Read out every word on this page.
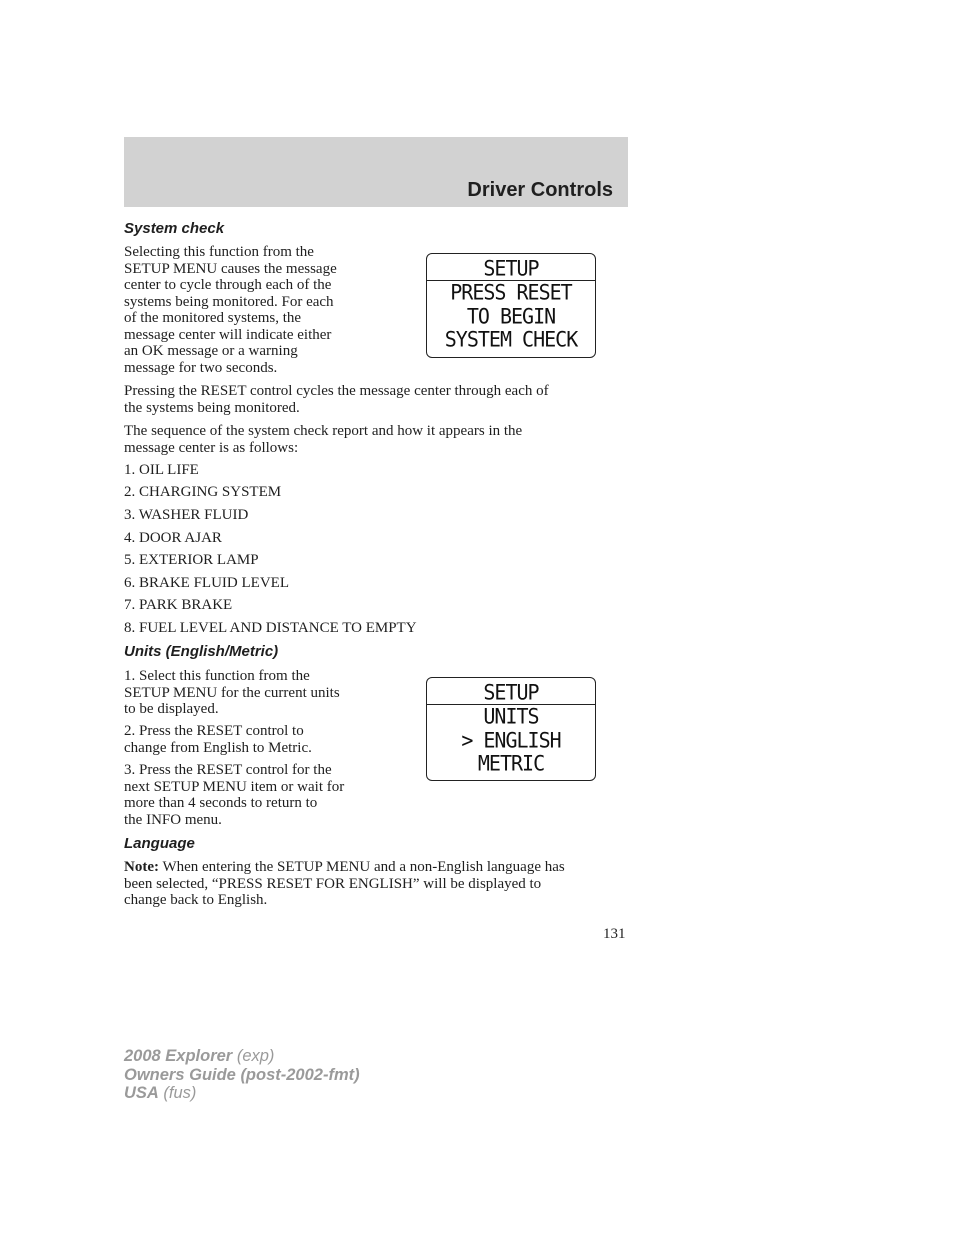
Driver Controls
System check
Selecting this function from the
SETUP MENU causes the message
center to cycle through each of the
systems being monitored. For each
of the monitored systems, the
message center will indicate either
an OK message or a warning
message for two seconds.
SETUP
PRESS RESET
TO BEGIN
SYSTEM CHECK
Pressing the RESET control cycles the message center through each of
the systems being monitored.
The sequence of the system check report and how it appears in the
message center is as follows:
1. OIL LIFE
2. CHARGING SYSTEM
3. WASHER FLUID
4. DOOR AJAR
5. EXTERIOR LAMP
6. BRAKE FLUID LEVEL
7. PARK BRAKE
8. FUEL LEVEL AND DISTANCE TO EMPTY
Units (English/Metric)
1. Select this function from the
SETUP MENU for the current units
to be displayed.
2. Press the RESET control to
change from English to Metric.
3. Press the RESET control for the
next SETUP MENU item or wait for
more than 4 seconds to return to
the INFO menu.
SETUP
UNITS
> ENGLISH
METRIC
Language
Note: When entering the SETUP MENU and a non-English language has
been selected, “PRESS RESET FOR ENGLISH” will be displayed to
change back to English.
131
2008 Explorer (exp)
Owners Guide (post-2002-fmt)
USA (fus)
